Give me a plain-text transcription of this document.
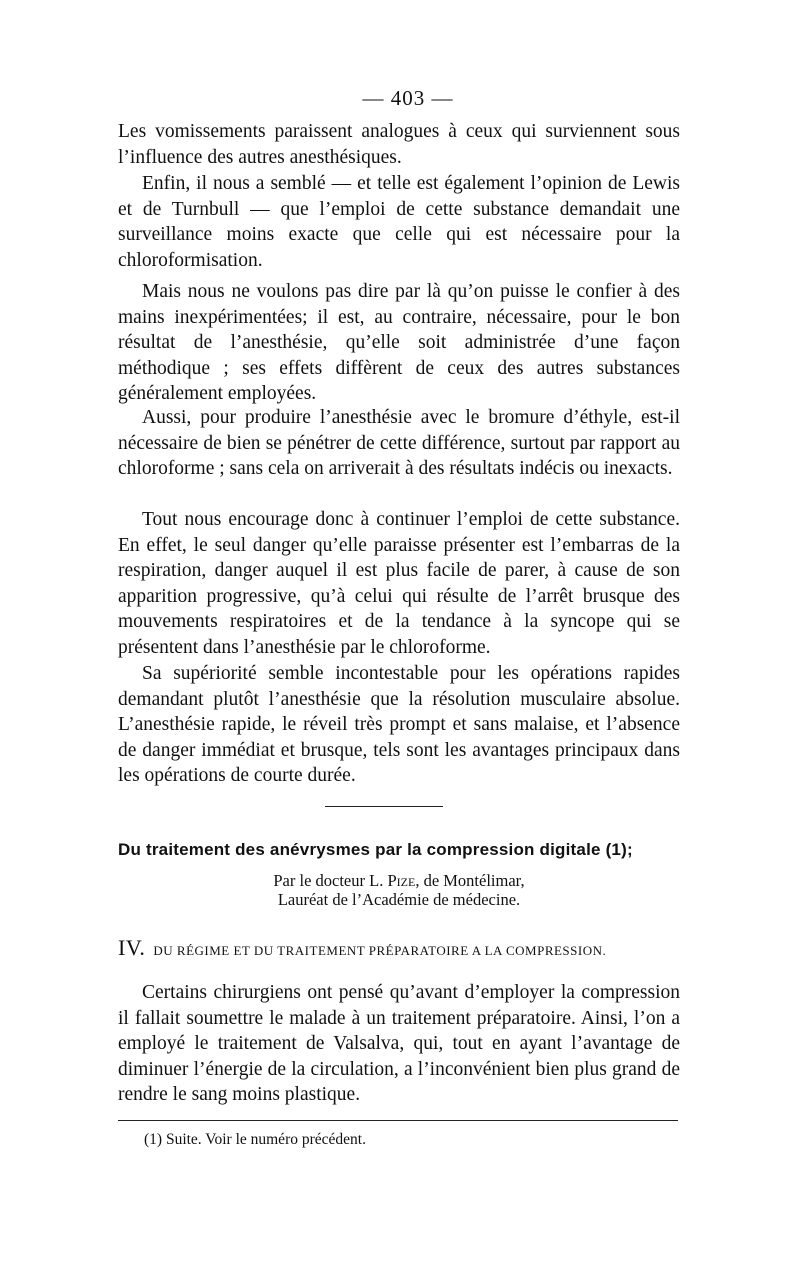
— 403 —

Les vomissements paraissent analogues à ceux qui surviennent sous l’influence des autres anesthésiques.

Enfin, il nous a semblé — et telle est également l’opinion de Lewis et de Turnbull — que l’emploi de cette substance demandait une surveillance moins exacte que celle qui est nécessaire pour la chloroformisation.

Mais nous ne voulons pas dire par là qu’on puisse le confier à des mains inexpérimentées; il est, au contraire, nécessaire, pour le bon résultat de l’anesthésie, qu’elle soit administrée d’une façon méthodique ; ses effets diffèrent de ceux des autres substances généralement employées.

Aussi, pour produire l’anesthésie avec le bromure d’éthyle, est-il nécessaire de bien se pénétrer de cette différence, surtout par rapport au chloroforme ; sans cela on arriverait à des résultats indécis ou inexacts.

Tout nous encourage donc à continuer l’emploi de cette substance. En effet, le seul danger qu’elle paraisse présenter est l’embarras de la respiration, danger auquel il est plus facile de parer, à cause de son apparition progressive, qu’à celui qui résulte de l’arrêt brusque des mouvements respiratoires et de la tendance à la syncope qui se présentent dans l’anesthésie par le chloroforme.

Sa supériorité semble incontestable pour les opérations rapides demandant plutôt l’anesthésie que la résolution musculaire absolue. L’anesthésie rapide, le réveil très prompt et sans malaise, et l’absence de danger immédiat et brusque, tels sont les avantages principaux dans les opérations de courte durée.

Du traitement des anévrysmes par la compression digitale (1);
Par le docteur L. Pize, de Montélimar,
Lauréat de l’Académie de médecine.
IV. DU RÉGIME ET DU TRAITEMENT PRÉPARATOIRE A LA COMPRESSION.

Certains chirurgiens ont pensé qu’avant d’employer la compression il fallait soumettre le malade à un traitement préparatoire. Ainsi, l’on a employé le traitement de Valsalva, qui, tout en ayant l’avantage de diminuer l’énergie de la circulation, a l’inconvénient bien plus grand de rendre le sang moins plastique.

(1) Suite. Voir le numéro précédent.
